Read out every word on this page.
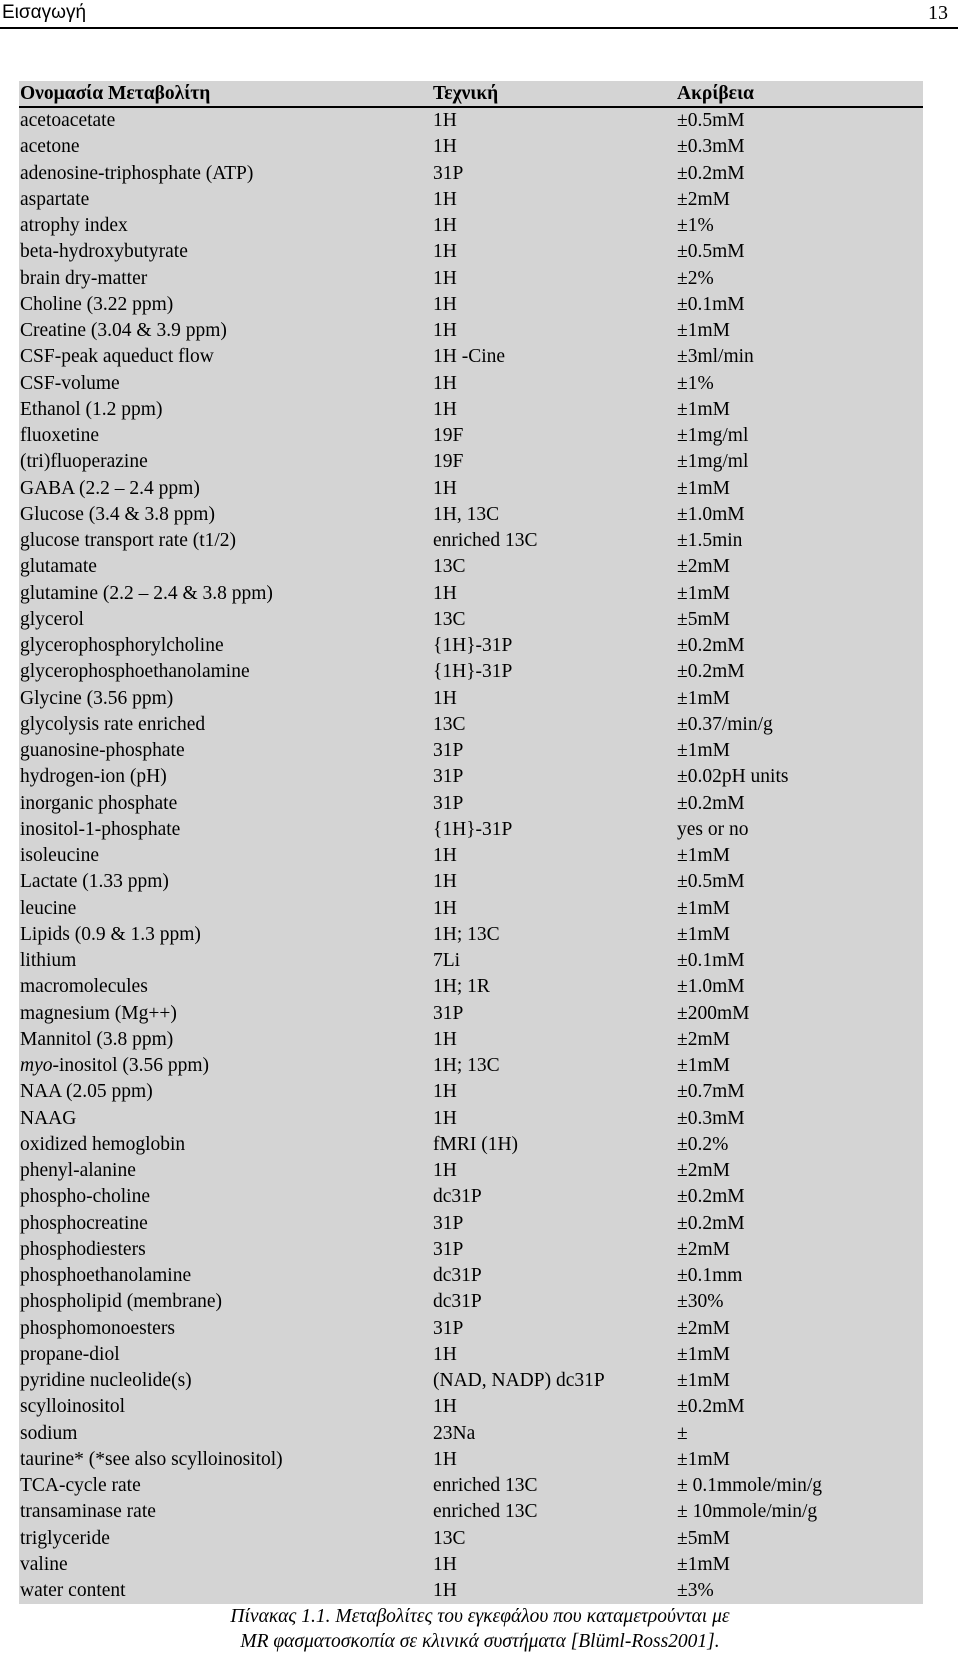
Εισαγωγή	13
Ονομασία Μεταβολίτη	Τεχνική	Ακρίβεια
acetoacetate	1H	±0.5mM
acetone	1H	±0.3mM
adenosine-triphosphate (ATP)	31P	±0.2mM
aspartate	1H	±2mM
atrophy index	1H	±1%
beta-hydroxybutyrate	1H	±0.5mM
brain dry-matter	1H	±2%
Choline (3.22 ppm)	1H	±0.1mM
Creatine (3.04 & 3.9 ppm)	1H	±1mM
CSF-peak aqueduct flow	1H -Cine	±3ml/min
CSF-volume	1H	±1%
Ethanol (1.2 ppm)	1H	±1mM
fluoxetine	19F	±1mg/ml
(tri)fluoperazine	19F	±1mg/ml
GABA (2.2 – 2.4 ppm)	1H	±1mM
Glucose (3.4 & 3.8 ppm)	1H, 13C	±1.0mM
glucose transport rate (t1/2)	enriched 13C	±1.5min
glutamate	13C	±2mM
glutamine (2.2 – 2.4 & 3.8 ppm)	1H	±1mM
glycerol	13C	±5mM
glycerophosphorylcholine	{1H}-31P	±0.2mM
glycerophosphoethanolamine	{1H}-31P	±0.2mM
Glycine (3.56 ppm)	1H	±1mM
glycolysis rate enriched	13C	±0.37/min/g
guanosine-phosphate	31P	±1mM
hydrogen-ion (pH)	31P	±0.02pH units
inorganic phosphate	31P	±0.2mM
inositol-1-phosphate	{1H}-31P	yes or no
isoleucine	1H	±1mM
Lactate (1.33 ppm)	1H	±0.5mM
leucine	1H	±1mM
Lipids (0.9 & 1.3 ppm)	1H; 13C	±1mM
lithium	7Li	±0.1mM
macromolecules	1H; 1R	±1.0mM
magnesium (Mg++)	31P	±200mM
Mannitol (3.8 ppm)	1H	±2mM
myo-inositol (3.56 ppm)	1H; 13C	±1mM
NAA (2.05 ppm)	1H	±0.7mM
NAAG	1H	±0.3mM
oxidized hemoglobin	fMRI (1H)	±0.2%
phenyl-alanine	1H	±2mM
phospho-choline	dc31P	±0.2mM
phosphocreatine	31P	±0.2mM
phosphodiesters	31P	±2mM
phosphoethanolamine	dc31P	±0.1mm
phospholipid (membrane)	dc31P	±30%
phosphomonoesters	31P	±2mM
propane-diol	1H	±1mM
pyridine nucleolide(s)	(NAD, NADP) dc31P	±1mM
scylloinositol	1H	±0.2mM
sodium	23Na	±
taurine* (*see also scylloinositol)	1H	±1mM
TCA-cycle rate	enriched 13C	± 0.1mmole/min/g
transaminase rate	enriched 13C	± 10mmole/min/g
triglyceride	13C	±5mM
valine	1H	±1mM
water content	1H	±3%
Πίνακας 1.1. Μεταβολίτες του εγκεφάλου που καταμετρούνται με
MR φασματοσκοπία σε κλινικά συστήματα [Blüml-Ross2001].
